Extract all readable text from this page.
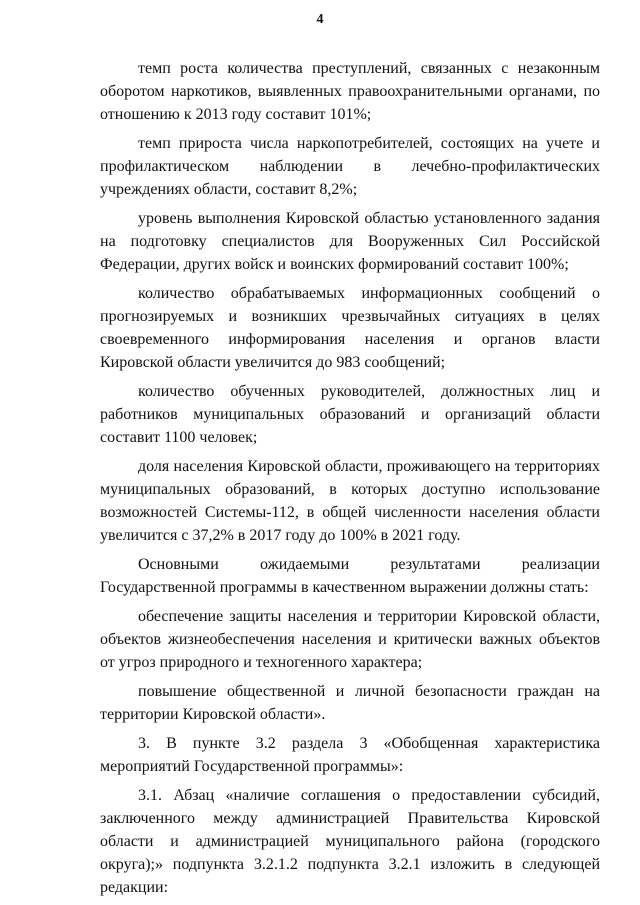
4

темп роста количества преступлений, связанных с незаконным оборотом наркотиков, выявленных правоохранительными органами, по отношению к 2013 году составит 101%;

темп прироста числа наркопотребителей, состоящих на учете и профилактическом наблюдении в лечебно-профилактических учреждениях области, составит 8,2%;

уровень выполнения Кировской областью установленного задания на подготовку специалистов для Вооруженных Сил Российской Федерации, других войск и воинских формирований составит 100%;

количество обрабатываемых информационных сообщений о прогнозируемых и возникших чрезвычайных ситуациях в целях своевременного информирования населения и органов власти Кировской области увеличится до 983 сообщений;

количество обученных руководителей, должностных лиц и работников муниципальных образований и организаций области составит 1100 человек;

доля населения Кировской области, проживающего на территориях муниципальных образований, в которых доступно использование возможностей Системы-112, в общей численности населения области увеличится с 37,2% в 2017 году до 100% в 2021 году.

Основными ожидаемыми результатами реализации Государственной программы в качественном выражении должны стать:

обеспечение защиты населения и территории Кировской области, объектов жизнеобеспечения населения и критически важных объектов от угроз природного и техногенного характера;

повышение общественной и личной безопасности граждан на территории Кировской области».

3. В пункте 3.2 раздела 3 «Обобщенная характеристика мероприятий Государственной программы»:

3.1. Абзац «наличие соглашения о предоставлении субсидий, заключенного между администрацией Правительства Кировской области и администрацией муниципального района (городского округа);» подпункта 3.2.1.2 подпункта 3.2.1 изложить в следующей редакции:
